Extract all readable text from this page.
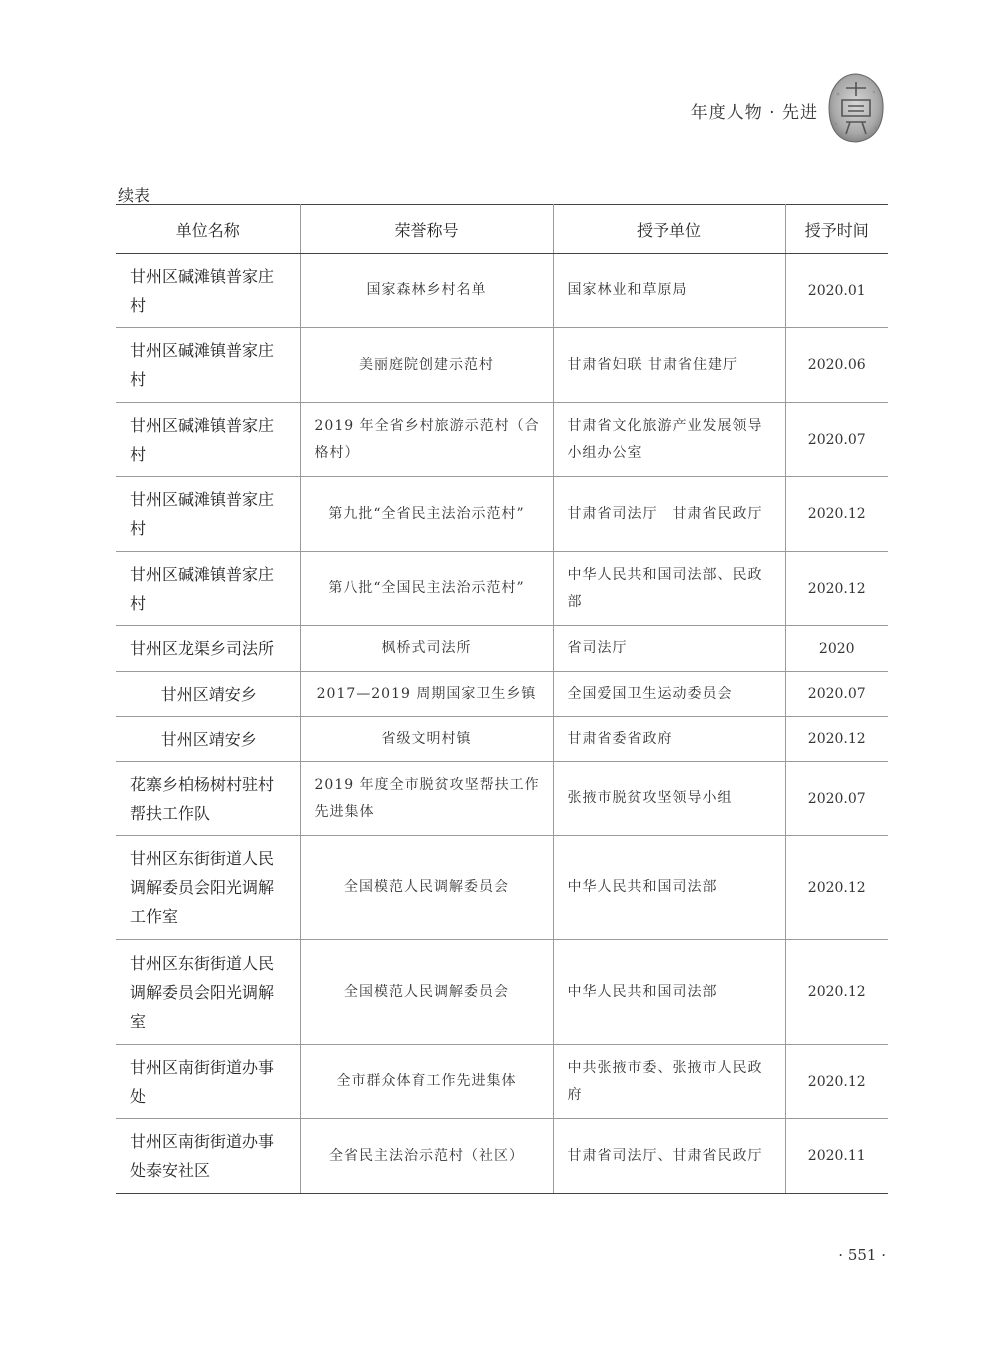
年度人物 · 先进
续表
单位名称	荣誉称号	授予单位	授予时间
甘州区碱滩镇普家庄村	国家森林乡村名单	国家林业和草原局	2020.01
甘州区碱滩镇普家庄村	美丽庭院创建示范村	甘肃省妇联 甘肃省住建厅	2020.06
甘州区碱滩镇普家庄村	2019 年全省乡村旅游示范村（合格村）	甘肃省文化旅游产业发展领导小组办公室	2020.07
甘州区碱滩镇普家庄村	第九批“全省民主法治示范村”	甘肃省司法厅　甘肃省民政厅	2020.12
甘州区碱滩镇普家庄村	第八批“全国民主法治示范村”	中华人民共和国司法部、民政部	2020.12
甘州区龙渠乡司法所	枫桥式司法所	省司法厅	2020
甘州区靖安乡	2017—2019 周期国家卫生乡镇	全国爱国卫生运动委员会	2020.07
甘州区靖安乡	省级文明村镇	甘肃省委省政府	2020.12
花寨乡柏杨树村驻村帮扶工作队	2019 年度全市脱贫攻坚帮扶工作先进集体	张掖市脱贫攻坚领导小组	2020.07
甘州区东街街道人民调解委员会阳光调解工作室	全国模范人民调解委员会	中华人民共和国司法部	2020.12
甘州区东街街道人民调解委员会阳光调解室	全国模范人民调解委员会	中华人民共和国司法部	2020.12
甘州区南街街道办事处	全市群众体育工作先进集体	中共张掖市委、张掖市人民政府	2020.12
甘州区南街街道办事处泰安社区	全省民主法治示范村（社区）	甘肃省司法厅、甘肃省民政厅	2020.11
· 551 ·
